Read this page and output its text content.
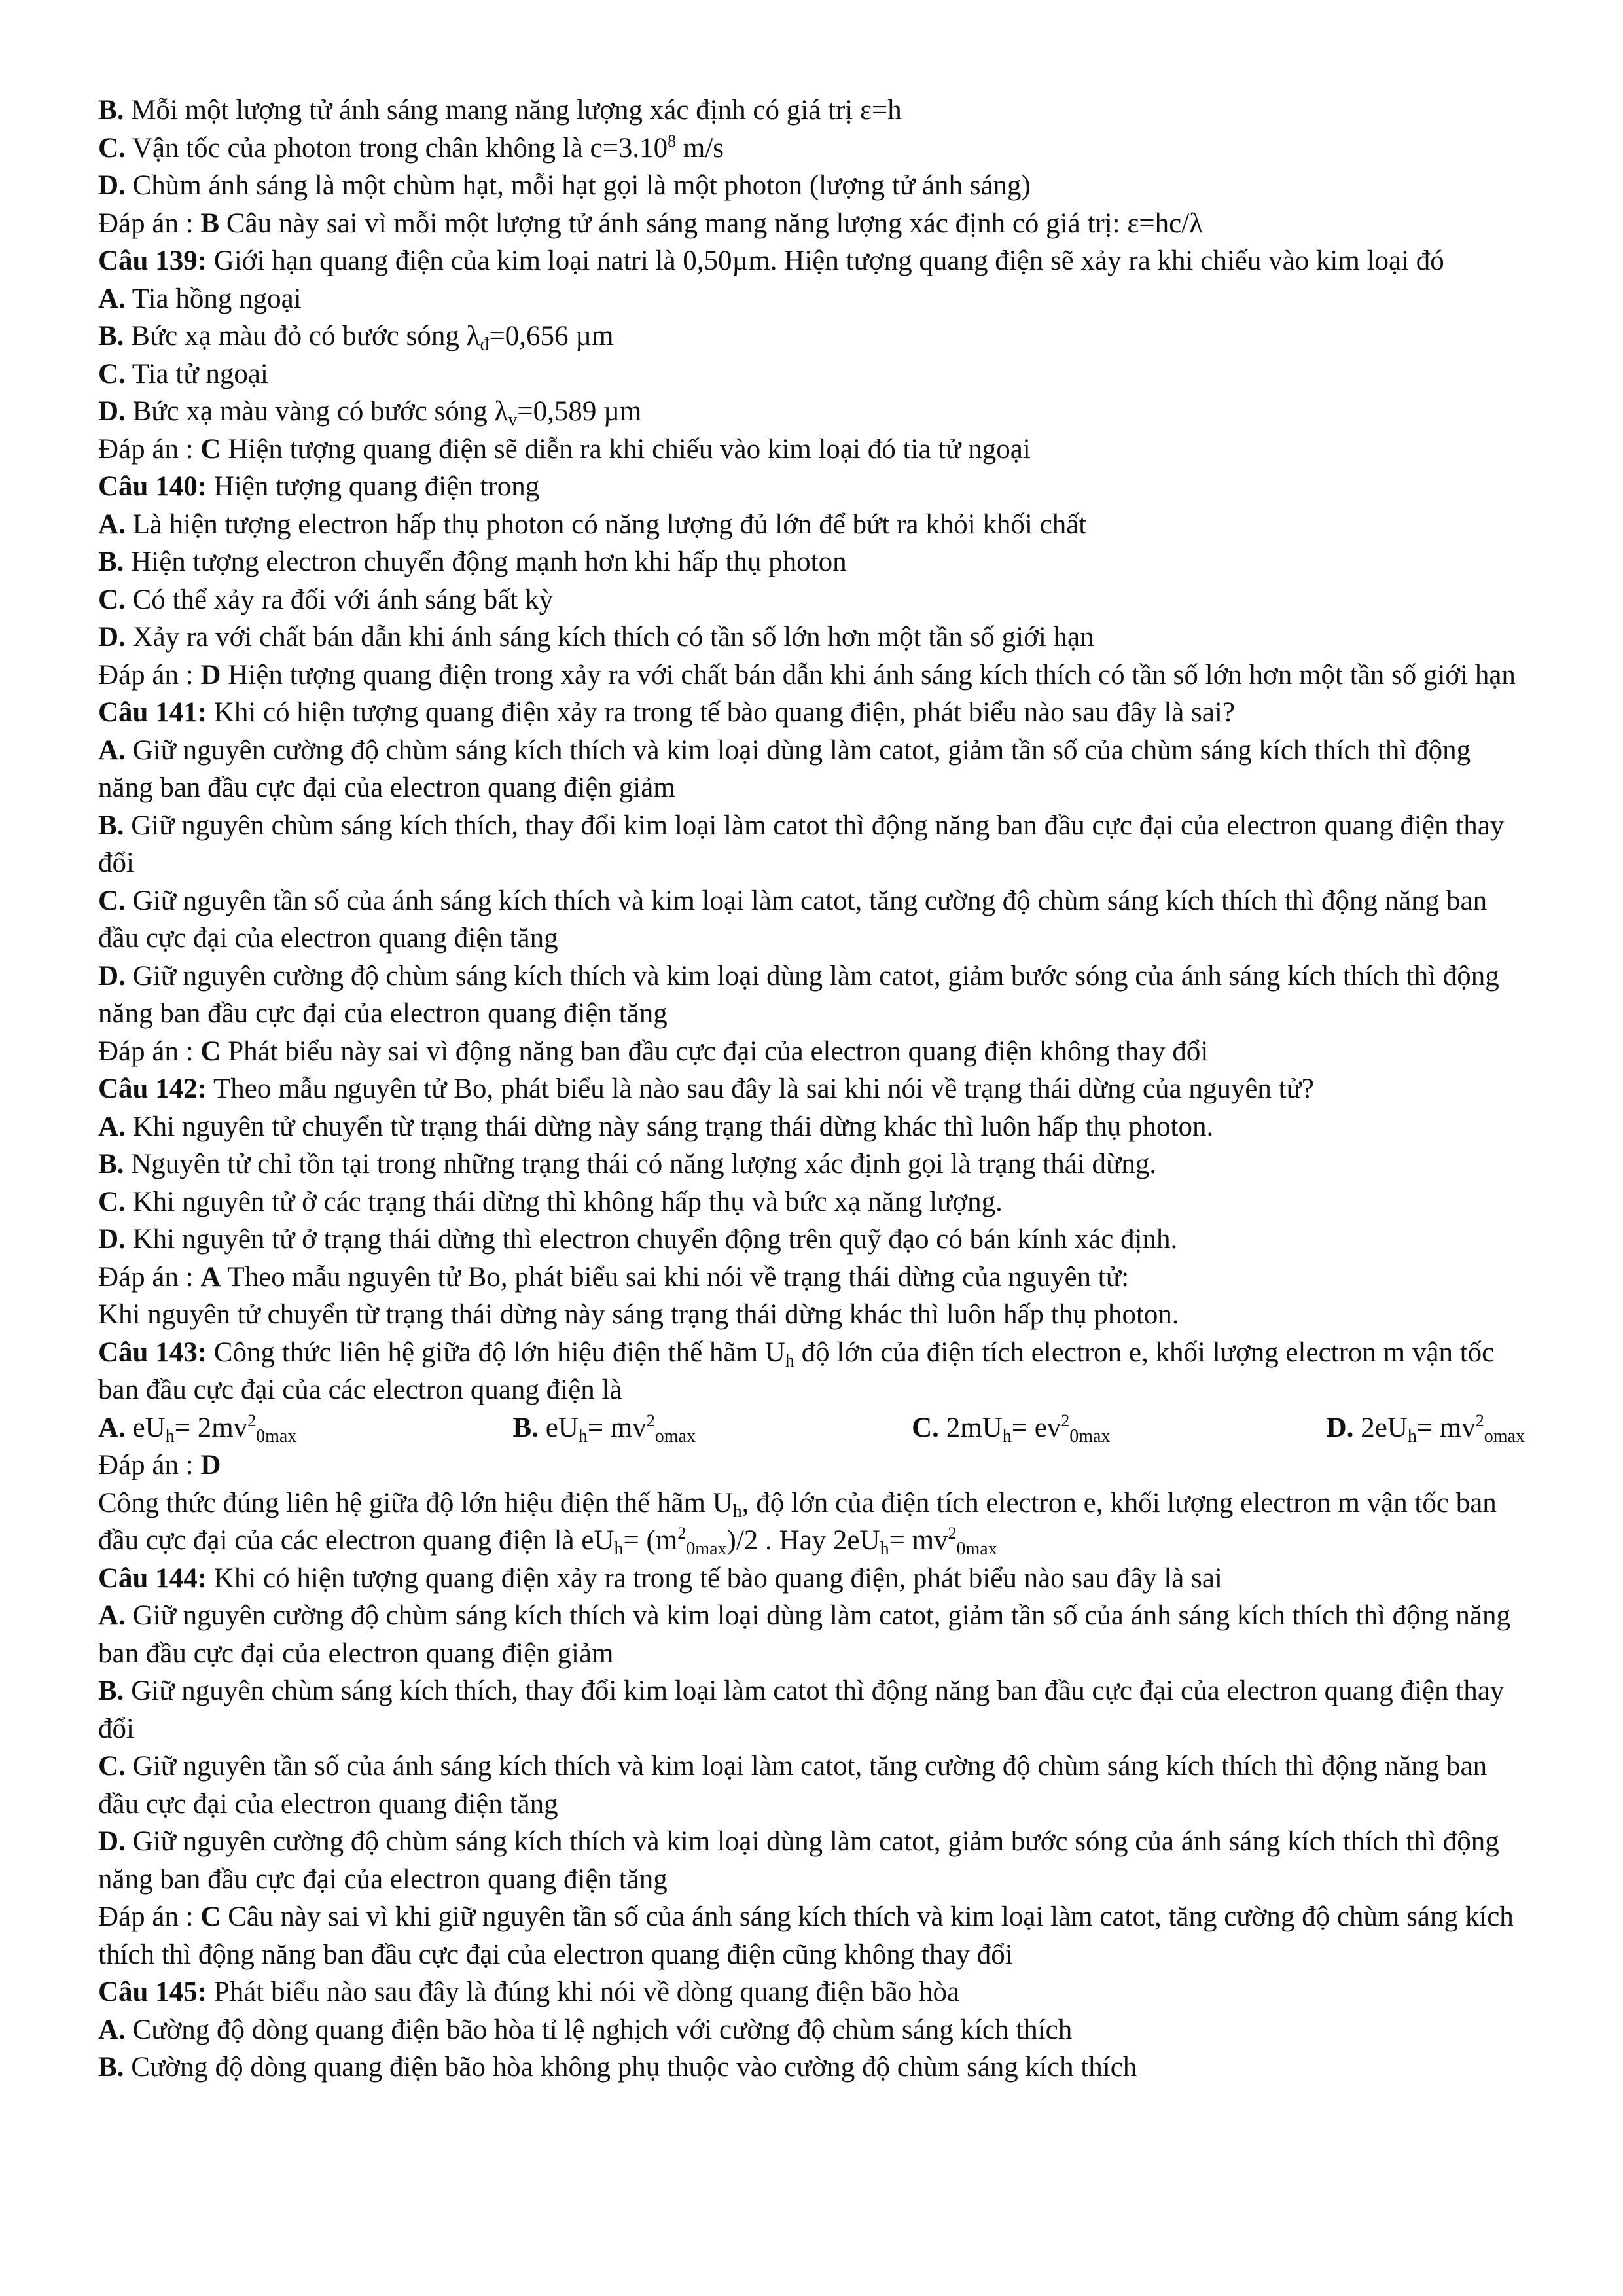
B. Mỗi một lượng tử ánh sáng mang năng lượng xác định có giá trị ε=h
C. Vận tốc của photon trong chân không là $c=3.10^8$ m/s
D. Chùm ánh sáng là một chùm hạt, mỗi hạt gọi là một photon (lượng tử ánh sáng)
Đáp án : B Câu này sai vì mỗi một lượng tử ánh sáng mang năng lượng xác định có giá trị: ε=hc/λ
Câu 139: Giới hạn quang điện của kim loại natri là 0,50µm. Hiện tượng quang điện sẽ xảy ra khi chiếu vào kim loại đó
A. Tia hồng ngoại
B. Bức xạ màu đỏ có bước sóng $\lambda_đ=0,656$ µm
C. Tia tử ngoại
D. Bức xạ màu vàng có bước sóng $\lambda_v=0,589$ µm
Đáp án : C Hiện tượng quang điện sẽ diễn ra khi chiếu vào kim loại đó tia tử ngoại
Câu 140: Hiện tượng quang điện trong
A. Là hiện tượng electron hấp thụ photon có năng lượng đủ lớn để bứt ra khỏi khối chất
B. Hiện tượng electron chuyển động mạnh hơn khi hấp thụ photon
C. Có thể xảy ra đối với ánh sáng bất kỳ
D. Xảy ra với chất bán dẫn khi ánh sáng kích thích có tần số lớn hơn một tần số giới hạn
Đáp án : D Hiện tượng quang điện trong xảy ra với chất bán dẫn khi ánh sáng kích thích có tần số lớn hơn một tần số giới hạn
Câu 141: Khi có hiện tượng quang điện xảy ra trong tế bào quang điện, phát biểu nào sau đây là sai?
A. Giữ nguyên cường độ chùm sáng kích thích và kim loại dùng làm catot, giảm tần số của chùm sáng kích thích thì động năng ban đầu cực đại của electron quang điện giảm
B. Giữ nguyên chùm sáng kích thích, thay đổi kim loại làm catot thì động năng ban đầu cực đại của electron quang điện thay đổi
C. Giữ nguyên tần số của ánh sáng kích thích và kim loại làm catot, tăng cường độ chùm sáng kích thích thì động năng ban đầu cực đại của electron quang điện tăng
D. Giữ nguyên cường độ chùm sáng kích thích và kim loại dùng làm catot, giảm bước sóng của ánh sáng kích thích thì động năng ban đầu cực đại của electron quang điện tăng
Đáp án : C Phát biểu này sai vì động năng ban đầu cực đại của electron quang điện không thay đổi
Câu 142: Theo mẫu nguyên tử Bo, phát biểu là nào sau đây là sai khi nói về trạng thái dừng của nguyên tử?
A. Khi nguyên tử chuyển từ trạng thái dừng này sáng trạng thái dừng khác thì luôn hấp thụ photon.
B. Nguyên tử chỉ tồn tại trong những trạng thái có năng lượng xác định gọi là trạng thái dừng.
C. Khi nguyên tử ở các trạng thái dừng thì không hấp thụ và bức xạ năng lượng.
D. Khi nguyên tử ở trạng thái dừng thì electron chuyển động trên quỹ đạo có bán kính xác định.
Đáp án : A Theo mẫu nguyên tử Bo, phát biểu sai khi nói về trạng thái dừng của nguyên tử:
Khi nguyên tử chuyển từ trạng thái dừng này sáng trạng thái dừng khác thì luôn hấp thụ photon.
Câu 143: Công thức liên hệ giữa độ lớn hiệu điện thế hãm $U_h$ độ lớn của điện tích electron e, khối lượng electron m vận tốc ban đầu cực đại của các electron quang điện là
A. $eU_h= 2mv^2_{0max}$	B. $eU_h= mv^2_{omax}$	C. $2mU_h= ev^2_{0max}$	D. $2eU_h= mv^2_{omax}$
Đáp án : D
Công thức đúng liên hệ giữa độ lớn hiệu điện thế hãm $U_h$, độ lớn của điện tích electron e, khối lượng electron m vận tốc ban đầu cực đại của các electron quang điện là $eU_h= (m^2_{0max})/2$ . Hay $2eU_h= mv^2_{0max}$
Câu 144: Khi có hiện tượng quang điện xảy ra trong tế bào quang điện, phát biểu nào sau đây là sai
A. Giữ nguyên cường độ chùm sáng kích thích và kim loại dùng làm catot, giảm tần số của ánh sáng kích thích thì động năng ban đầu cực đại của electron quang điện giảm
B. Giữ nguyên chùm sáng kích thích, thay đổi kim loại làm catot thì động năng ban đầu cực đại của electron quang điện thay đổi
C. Giữ nguyên tần số của ánh sáng kích thích và kim loại làm catot, tăng cường độ chùm sáng kích thích thì động năng ban đầu cực đại của electron quang điện tăng
D. Giữ nguyên cường độ chùm sáng kích thích và kim loại dùng làm catot, giảm bước sóng của ánh sáng kích thích thì động năng ban đầu cực đại của electron quang điện tăng
Đáp án : C Câu này sai vì khi giữ nguyên tần số của ánh sáng kích thích và kim loại làm catot, tăng cường độ chùm sáng kích thích thì động năng ban đầu cực đại của electron quang điện cũng không thay đổi
Câu 145: Phát biểu nào sau đây là đúng khi nói về dòng quang điện bão hòa
A. Cường độ dòng quang điện bão hòa tỉ lệ nghịch với cường độ chùm sáng kích thích
B. Cường độ dòng quang điện bão hòa không phụ thuộc vào cường độ chùm sáng kích thích
